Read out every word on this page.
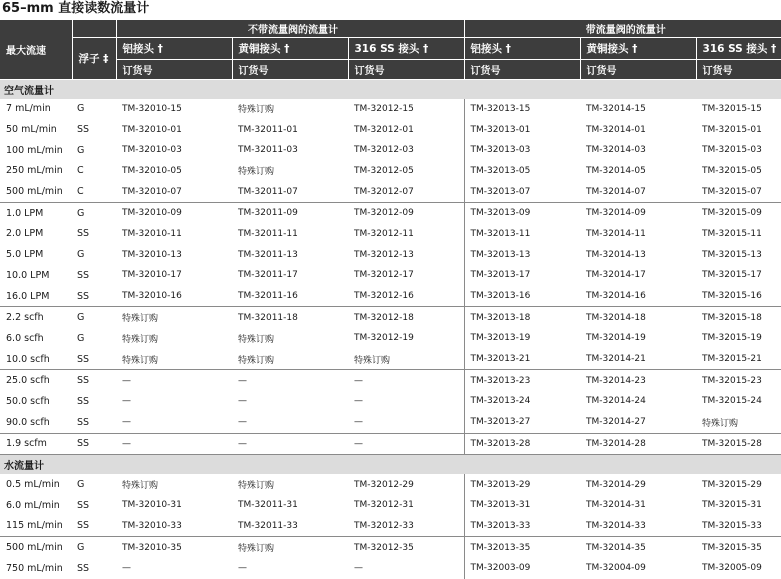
65–mm 直接读数流量计
最大流速		不带流量阀的流量计			带流量阀的流量计		
	浮子 ‡	铝接头 †	黄铜接头 †	316 SS 接头 †	铝接头 †	黄铜接头 †	316 SS 接头 †
		订货号	订货号	订货号	订货号	订货号	订货号
空气流量计							
7 mL/min	G	TM-32010-15	特殊订购	TM-32012-15	TM-32013-15	TM-32014-15	TM-32015-15
50 mL/min	SS	TM-32010-01	TM-32011-01	TM-32012-01	TM-32013-01	TM-32014-01	TM-32015-01
100 mL/min	G	TM-32010-03	TM-32011-03	TM-32012-03	TM-32013-03	TM-32014-03	TM-32015-03
250 mL/min	C	TM-32010-05	特殊订购	TM-32012-05	TM-32013-05	TM-32014-05	TM-32015-05
500 mL/min	C	TM-32010-07	TM-32011-07	TM-32012-07	TM-32013-07	TM-32014-07	TM-32015-07
1.0 LPM	G	TM-32010-09	TM-32011-09	TM-32012-09	TM-32013-09	TM-32014-09	TM-32015-09
2.0 LPM	SS	TM-32010-11	TM-32011-11	TM-32012-11	TM-32013-11	TM-32014-11	TM-32015-11
5.0 LPM	G	TM-32010-13	TM-32011-13	TM-32012-13	TM-32013-13	TM-32014-13	TM-32015-13
10.0 LPM	SS	TM-32010-17	TM-32011-17	TM-32012-17	TM-32013-17	TM-32014-17	TM-32015-17
16.0 LPM	SS	TM-32010-16	TM-32011-16	TM-32012-16	TM-32013-16	TM-32014-16	TM-32015-16
2.2 scfh	G	特殊订购	TM-32011-18	TM-32012-18	TM-32013-18	TM-32014-18	TM-32015-18
6.0 scfh	G	特殊订购	特殊订购	TM-32012-19	TM-32013-19	TM-32014-19	TM-32015-19
10.0 scfh	SS	特殊订购	特殊订购	特殊订购	TM-32013-21	TM-32014-21	TM-32015-21
25.0 scfh	SS	—	—	—	TM-32013-23	TM-32014-23	TM-32015-23
50.0 scfh	SS	—	—	—	TM-32013-24	TM-32014-24	TM-32015-24
90.0 scfh	SS	—	—	—	TM-32013-27	TM-32014-27	特殊订购
1.9 scfm	SS	—	—	—	TM-32013-28	TM-32014-28	TM-32015-28
水流量计							
0.5 mL/min	G	特殊订购	特殊订购	TM-32012-29	TM-32013-29	TM-32014-29	TM-32015-29
6.0 mL/min	SS	TM-32010-31	TM-32011-31	TM-32012-31	TM-32013-31	TM-32014-31	TM-32015-31
115 mL/min	SS	TM-32010-33	TM-32011-33	TM-32012-33	TM-32013-33	TM-32014-33	TM-32015-33
500 mL/min	G	TM-32010-35	特殊订购	TM-32012-35	TM-32013-35	TM-32014-35	TM-32015-35
750 mL/min	SS	—	—	—	TM-32003-09	TM-32004-09	TM-32005-09
